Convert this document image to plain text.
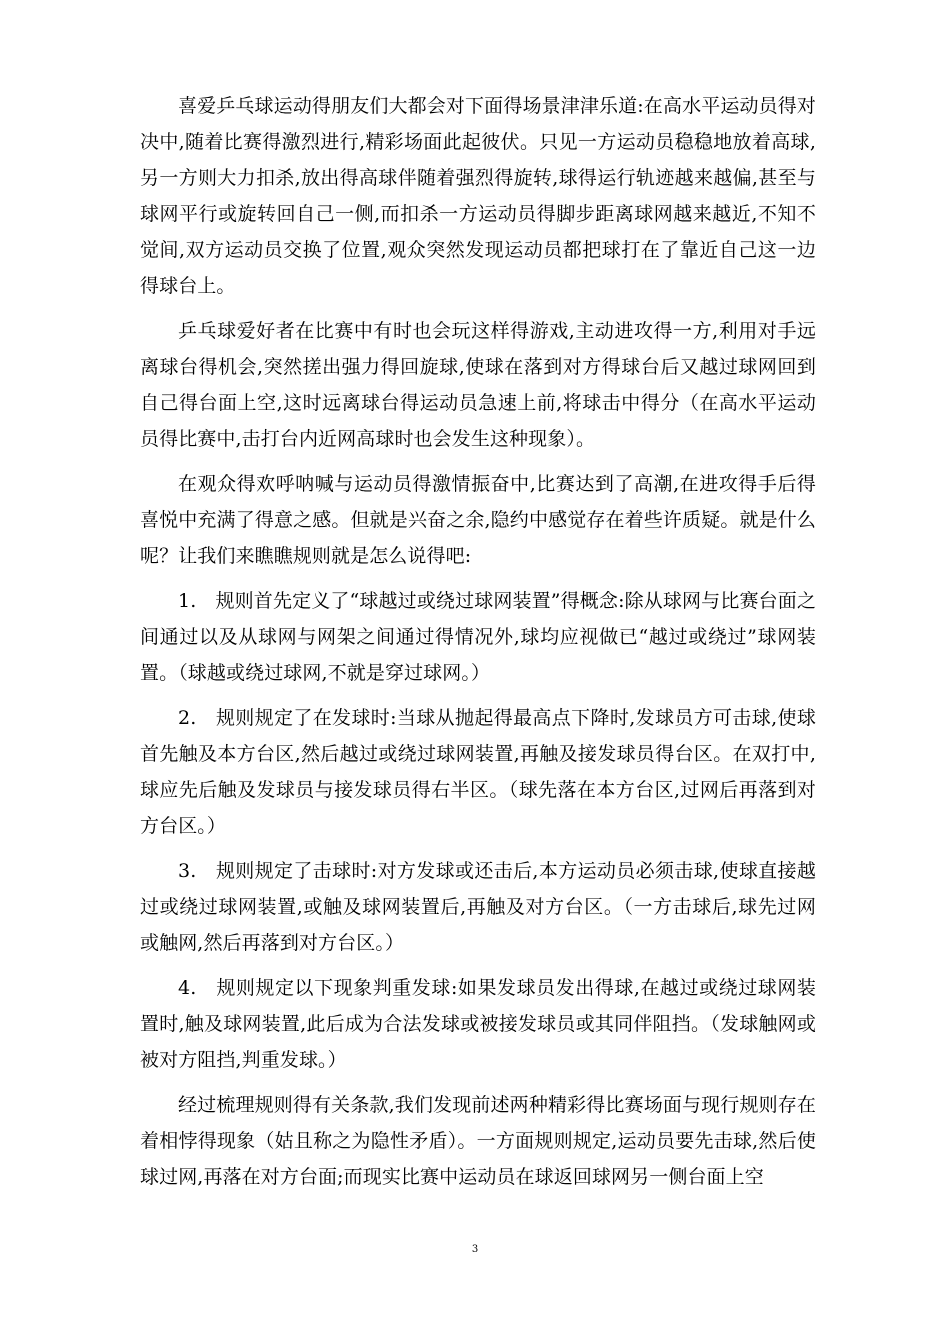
喜爱乒乓球运动得朋友们大都会对下面得场景津津乐道:在高水平运动员得对决中,随着比赛得激烈进行,精彩场面此起彼伏。只见一方运动员稳稳地放着高球,另一方则大力扣杀,放出得高球伴随着强烈得旋转,球得运行轨迹越来越偏,甚至与球网平行或旋转回自己一侧,而扣杀一方运动员得脚步距离球网越来越近,不知不觉间,双方运动员交换了位置,观众突然发现运动员都把球打在了靠近自己这一边得球台上。

乒乓球爱好者在比赛中有时也会玩这样得游戏,主动进攻得一方,利用对手远离球台得机会,突然搓出强力得回旋球,使球在落到对方得球台后又越过球网回到自己得台面上空,这时远离球台得运动员急速上前,将球击中得分（在高水平运动员得比赛中,击打台内近网高球时也会发生这种现象）。

在观众得欢呼呐喊与运动员得激情振奋中,比赛达到了高潮,在进攻得手后得喜悦中充满了得意之感。但就是兴奋之余,隐约中感觉存在着些许质疑。就是什么呢？让我们来瞧瞧规则就是怎么说得吧:

1.　规则首先定义了“球越过或绕过球网装置”得概念:除从球网与比赛台面之间通过以及从球网与网架之间通过得情况外,球均应视做已“越过或绕过”球网装置。（球越或绕过球网,不就是穿过球网。）

2.　规则规定了在发球时:当球从抛起得最高点下降时,发球员方可击球,使球首先触及本方台区,然后越过或绕过球网装置,再触及接发球员得台区。在双打中,球应先后触及发球员与接发球员得右半区。（球先落在本方台区,过网后再落到对方台区。）

3.　规则规定了击球时:对方发球或还击后,本方运动员必须击球,使球直接越过或绕过球网装置,或触及球网装置后,再触及对方台区。（一方击球后,球先过网或触网,然后再落到对方台区。）

4.　规则规定以下现象判重发球:如果发球员发出得球,在越过或绕过球网装置时,触及球网装置,此后成为合法发球或被接发球员或其同伴阻挡。（发球触网或被对方阻挡,判重发球。）

经过梳理规则得有关条款,我们发现前述两种精彩得比赛场面与现行规则存在着相悖得现象（姑且称之为隐性矛盾）。一方面规则规定,运动员要先击球,然后使球过网,再落在对方台面;而现实比赛中运动员在球返回球网另一侧台面上空

3
